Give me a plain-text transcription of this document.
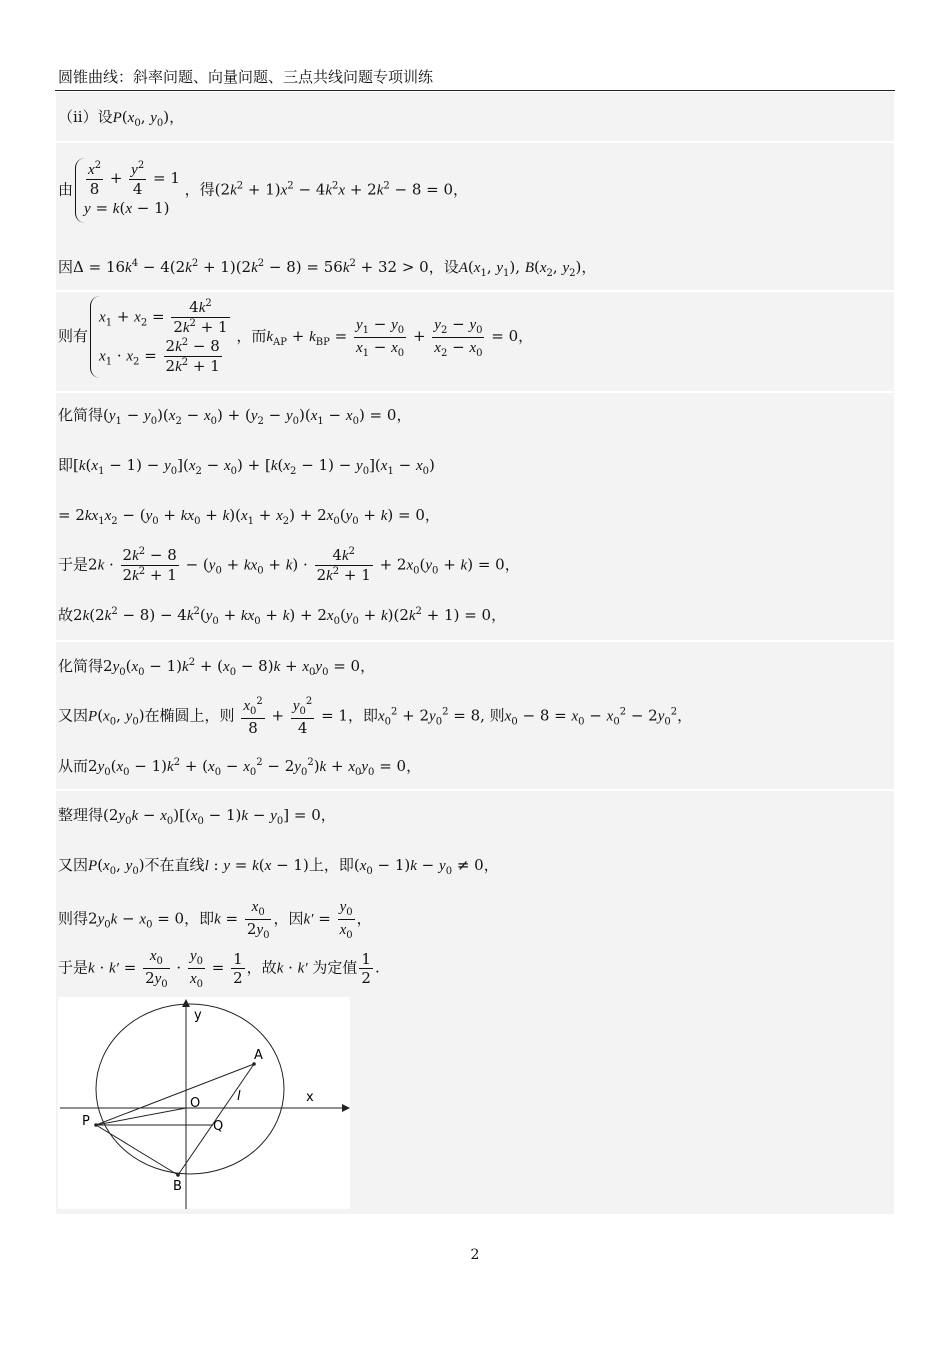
圆锥曲线：斜率问题、向量问题、三点共线问题专项训练
（ii）设$P(x_0$, $y_0$)，
由 $\frac{x^2}{8} + \frac{y^2}{4} = 1$
y = k(x − 1)
，得$(2k^2 + 1)x^2 - 4k^2x + 2k^2 - 8 = 0$，
因$\Delta = 16k^4 - 4(2k^2 + 1)(2k^2 - 8) = 56k^2 + 32 > 0$，设$A(x_1$, $y_1$), $B(x_2$, $y_2$)，
则有
$x_1 + x_2 = \frac{4k^2}{2k^2 + 1}$
$x_1 \cdot x_2 = \frac{2k^2 - 8}{2k^2 + 1}$
，而$k_{AP} + k_{BP} = \frac{y_1 - y_0}{x_1 - x_0} + \frac{y_2 - y_0}{x_2 - x_0} = 0$，
化简得$(y_1 - y_0)(x_2 - x_0) + (y_2 - y_0)(x_1 - x_0) = 0$，
即$[k(x_1 - 1) - y_0](x_2 - x_0) + [k(x_2 - 1) - y_0](x_1 - x_0)$
= $2kx_1x_2 - (y_0 + kx_0 + k)(x_1 + x_2) + 2x_0(y_0 + k) = 0$，
于是$2k \cdot \frac{2k^2 - 8}{2k^2 + 1} - (y_0 + kx_0 + k) \cdot \frac{4k^2}{2k^2 + 1} + 2x_0(y_0 + k) = 0$，
故$2k(2k^2 - 8) - 4k^2(y_0 + kx_0 + k) + 2x_0(y_0 + k)(2k^2 + 1) = 0$，
化简得$2y_0(x_0 - 1)k^2 + (x_0 - 8)k + x_0y_0 = 0$，
又因$P(x_0$, $y_0$)在椭圆上，则 $\frac{x_0^2}{8} + \frac{y_0^2}{4} = 1$，即$x_0^2 + 2y_0^2 = 8$, 则$x_0 - 8 = x_0 - x_0^2 - 2y_0^2$，
从而$2y_0(x_0 - 1)k^2 + (x_0 - x_0^2 - 2y_0^2)k + x_0y_0 = 0$，
整理得$(2y_0k - x_0)[(x_0 - 1)k - y_0] = 0$，
又因$P(x_0$, $y_0$)不在直线l : y = k(x − 1)上，即$(x_0 - 1)k - y_0 \ne 0$，
则得$2y_0k - x_0 = 0$，即$k = \frac{x_0}{2y_0}$ ，因$k' = \frac{y_0}{x_0}$ ，
于是$k \cdot k' = \frac{x_0}{2y_0} \cdot \frac{y_0}{x_0} = \frac{1}{2}$ ，故k · k′ 为定值 $\frac{1}{2}$ .
y
x
A
O	l
P	Q
B
2
